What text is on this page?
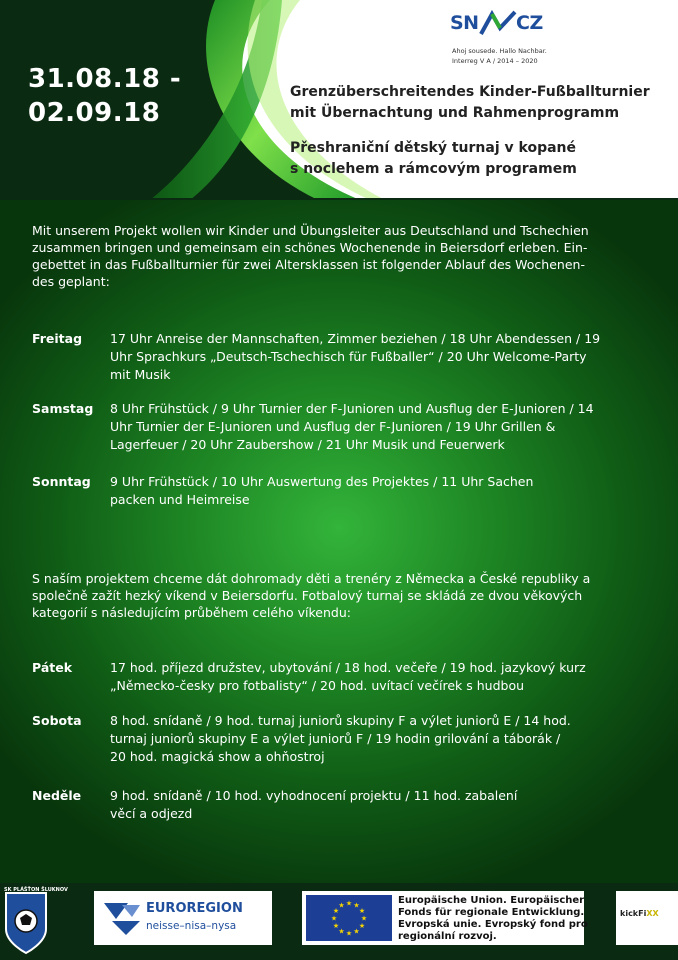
31.08.18 -
02.09.18
SN CZ
Ahoj sousede. Hallo Nachbar.
Interreg V A / 2014 – 2020
Grenzüberschreitendes Kinder-Fußballturnier
mit Übernachtung und Rahmenprogramm
Přeshraniční dětský turnaj v kopané
s noclehem a rámcovým programem
Mit unserem Projekt wollen wir Kinder und Übungsleiter aus Deutschland und Tschechien
zusammen bringen und gemeinsam ein schönes Wochenende in Beiersdorf erleben. Ein-
gebettet in das Fußballturnier für zwei Altersklassen ist folgender Ablauf des Wochenen-
des geplant:
Freitag 17 Uhr Anreise der Mannschaften, Zimmer beziehen / 18 Uhr Abendessen / 19
Uhr Sprachkurs „Deutsch-Tschechisch für Fußballer“ / 20 Uhr Welcome-Party
mit Musik
Samstag 8 Uhr Frühstück / 9 Uhr Turnier der F-Junioren und Ausflug der E-Junioren / 14
Uhr Turnier der E-Junioren und Ausflug der F-Junioren / 19 Uhr Grillen &
Lagerfeuer / 20 Uhr Zaubershow / 21 Uhr Musik und Feuerwerk
Sonntag 9 Uhr Frühstück / 10 Uhr Auswertung des Projektes / 11 Uhr Sachen
packen und Heimreise
S naším projektem chceme dát dohromady děti a trenéry z Německa a České republiky a
společně zažít hezký víkend v Beiersdorfu. Fotbalový turnaj se skládá ze dvou věkových
kategorií s následujícím průběhem celého víkendu:
Pátek	17 hod. příjezd družstev, ubytování / 18 hod. večeře / 19 hod. jazykový kurz
„Německo-česky pro fotbalisty“ / 20 hod. uvítací večírek s hudbou
Sobota 8 hod. snídaně / 9 hod. turnaj juniorů skupiny F a výlet juniorů E / 14 hod.
turnaj juniorů skupiny E a výlet juniorů F / 19 hodin grilování a táborák /
20 hod. magická show a ohňostroj
Neděle 9 hod. snídaně / 10 hod. vyhodnocení projektu / 11 hod. zabalení
věcí a odjezd
SK PLÁŠŤON ŠLUKNOV
EUROREGION
neisse–nisa–nysa
★ ★
★
★
★
★
★
★
★
★
★
★	Europäische Union. Europäischer
Fonds für regionale Entwicklung.
Evropská unie. Evropský fond pro
regionální rozvoj.
kickFiXX
